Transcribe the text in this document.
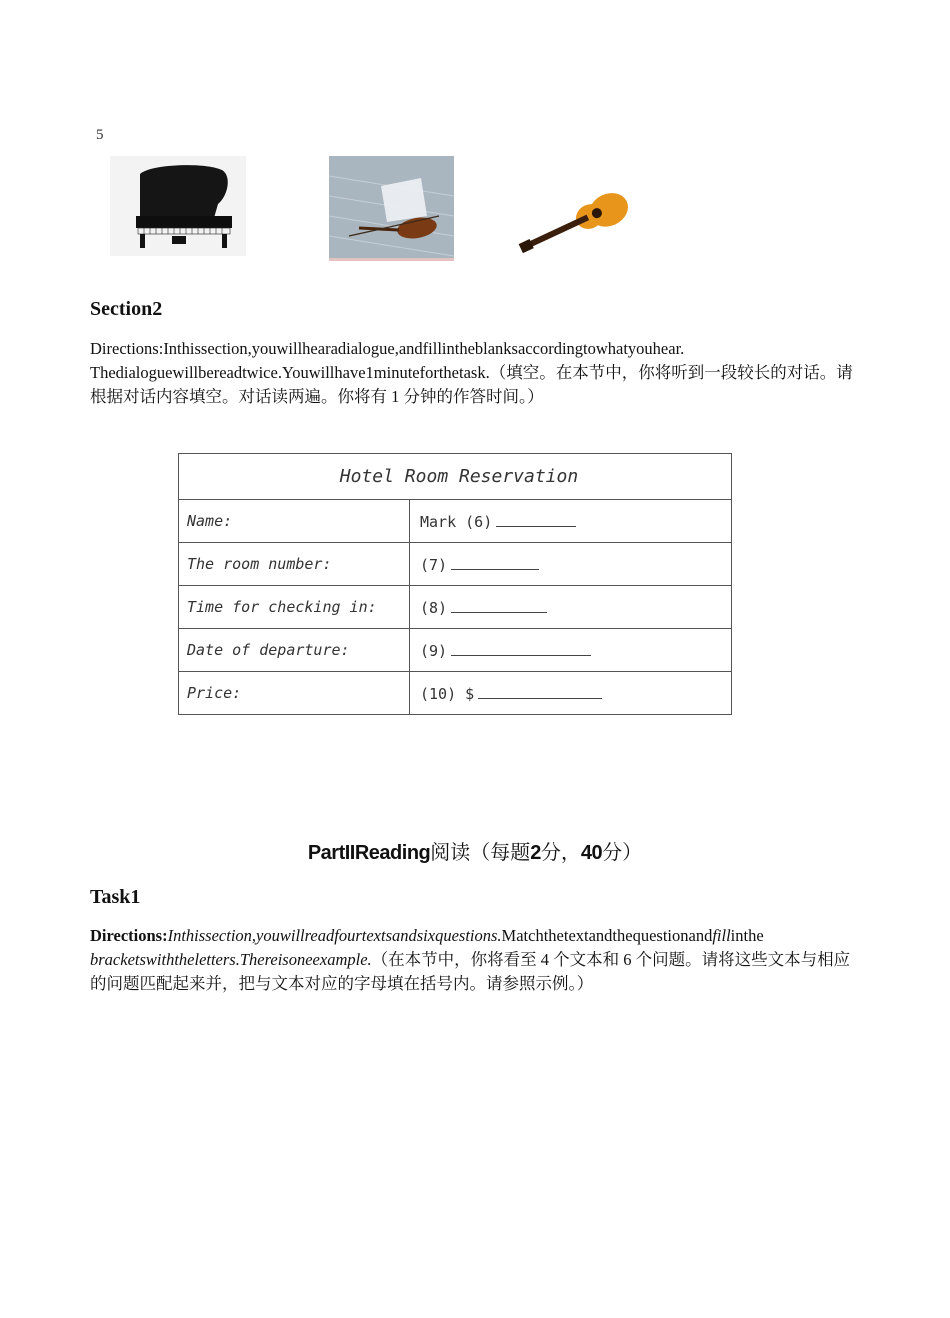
5
Section2
Directions:Inthissection,youwillhearadialogue,andfillintheblanksaccordingtowhatyouhear.
Thedialoguewillbereadtwice.Youwillhave1minuteforthetask.（填空。在本节中，你将听到一段较长的对话。请根据对话内容填空。对话读两遍。你将有 1 分钟的作答时间。）
Hotel Room Reservation	
Name:	Mark (6)
The room number:	(7)
Time for checking in:	(8)
Date of departure:	(9)
Price:	(10) $
PartIIReading阅读（每题2分，40分）
Task1
Directions:Inthissection,youwillreadfourtextsandsixquestions.Matchthetextandthequestionandfillinthe
bracketswiththeletters.Thereisoneexample.（在本节中，你将看至 4 个文本和 6 个问题。请将这些文本与相应的问题匹配起来并，把与文本对应的字母填在括号内。请参照示例。）
